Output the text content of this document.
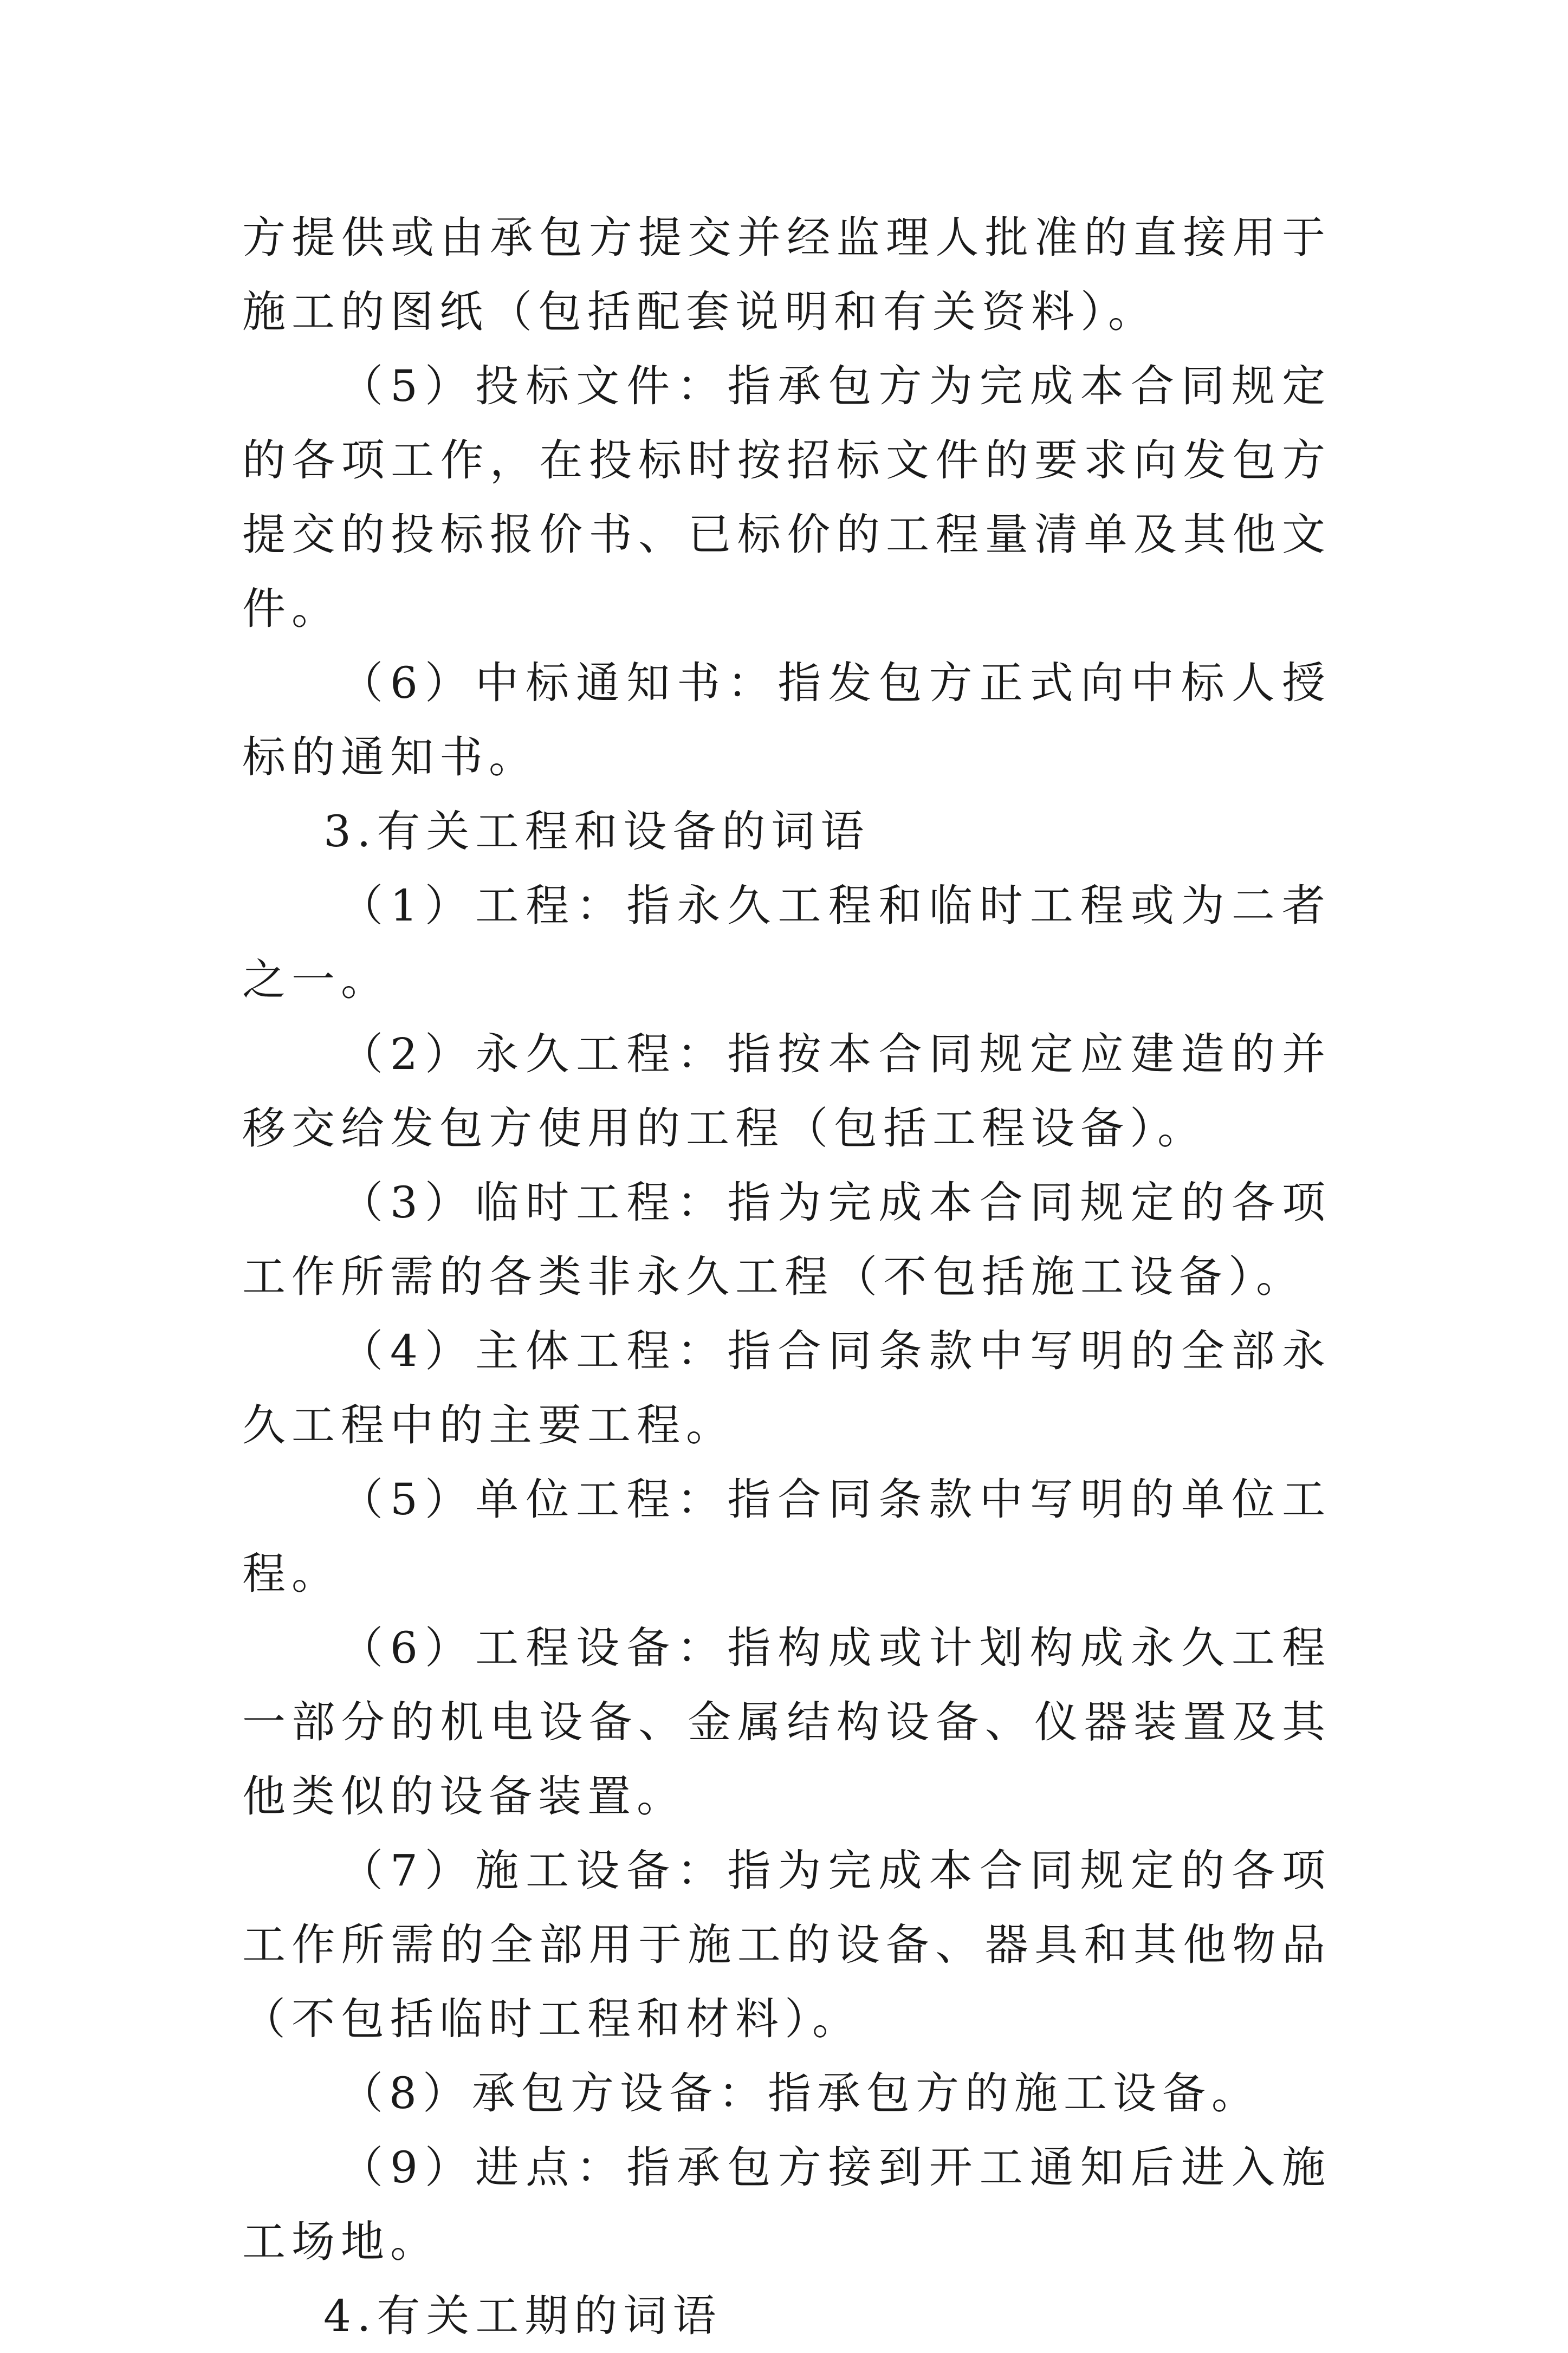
方提供或由承包方提交并经监理人批准的直接用于施工的图纸（包括配套说明和有关资料）。

（5）投标文件：指承包方为完成本合同规定的各项工作，在投标时按招标文件的要求向发包方提交的投标报价书、已标价的工程量清单及其他文件。

（6）中标通知书：指发包方正式向中标人授标的通知书。

3.有关工程和设备的词语

（1）工程：指永久工程和临时工程或为二者之一。

（2）永久工程：指按本合同规定应建造的并移交给发包方使用的工程（包括工程设备）。

（3）临时工程：指为完成本合同规定的各项工作所需的各类非永久工程（不包括施工设备）。

（4）主体工程：指合同条款中写明的全部永久工程中的主要工程。

（5）单位工程：指合同条款中写明的单位工程。

（6）工程设备：指构成或计划构成永久工程一部分的机电设备、金属结构设备、仪器装置及其他类似的设备装置。

（7）施工设备：指为完成本合同规定的各项工作所需的全部用于施工的设备、器具和其他物品（不包括临时工程和材料）。

（8）承包方设备：指承包方的施工设备。

（9）进点：指承包方接到开工通知后进入施工场地。

4.有关工期的词语
